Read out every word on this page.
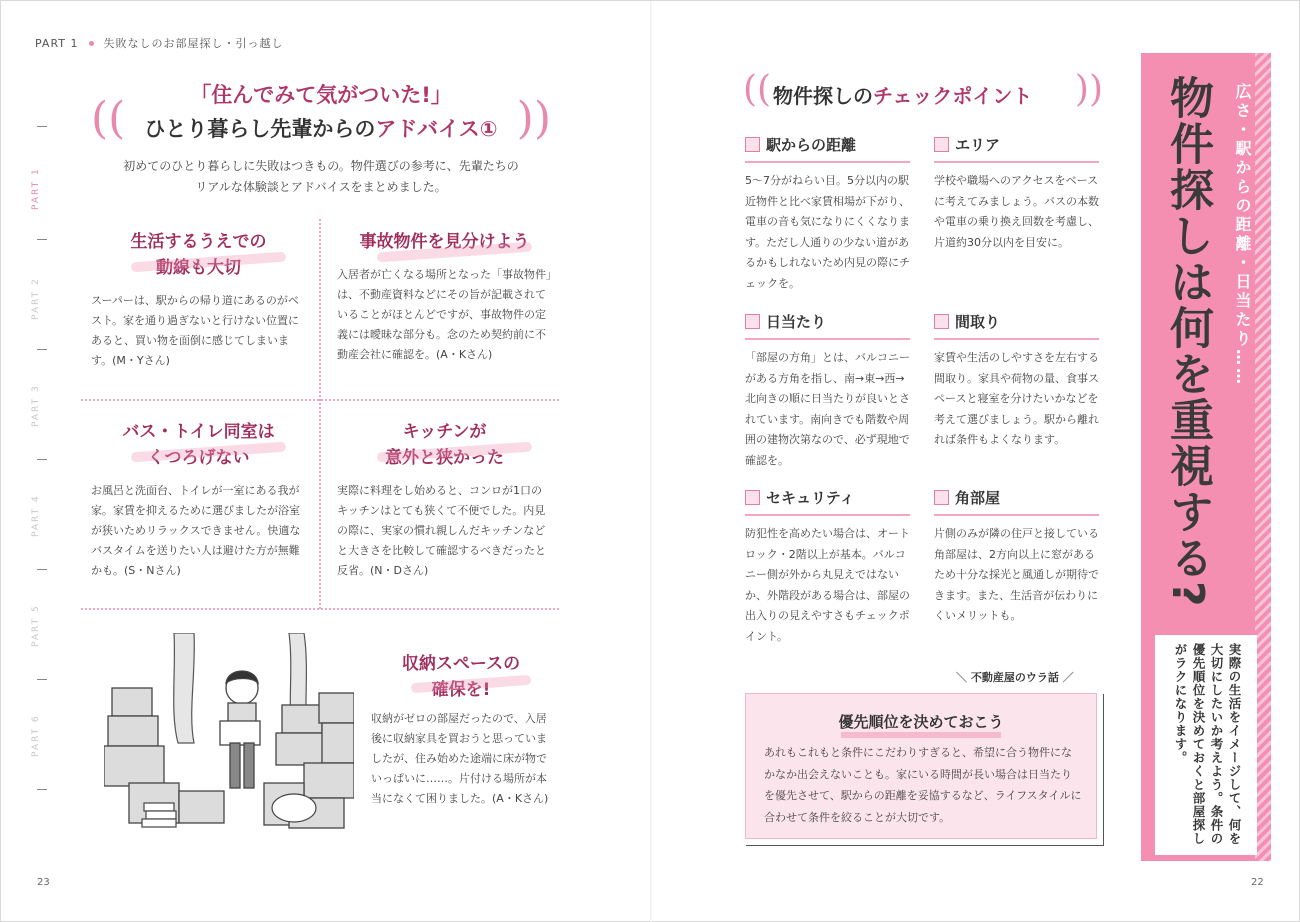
PART 1 失敗なしのお部屋探し・引っ越し
PART 1
PART 2
PART 3
PART 4
PART 5
PART 6
((	))
「住んでみて気がついた!」
ひとり暮らし先輩からのアドバイス①
初めてのひとり暮らしに失敗はつきもの。物件選びの参考に、先輩たちのリアルな体験談とアドバイスをまとめました。
生活するうえでの
動線も大切
スーパーは、駅からの帰り道にあるのがベスト。家を通り過ぎないと行けない位置にあると、買い物を面倒に感じてしまいます。(M・Yさん)
事故物件を見分けよう
入居者が亡くなる場所となった「事故物件」は、不動産資料などにその旨が記載されていることがほとんどですが、事故物件の定義には曖昧な部分も。念のため契約前に不動産会社に確認を。(A・Kさん)
バス・トイレ同室は
くつろげない
お風呂と洗面台、トイレが一室にある我が家。家賃を抑えるために選びましたが浴室が狭いためリラックスできません。快適なバスタイムを送りたい人は避けた方が無難かも。(S・Nさん)
キッチンが
意外と狭かった
実際に料理をし始めると、コンロが1口のキッチンはとても狭くて不便でした。内見の際に、実家の慣れ親しんだキッチンなどと大きさを比較して確認するべきだったと反省。(N・Dさん)
収納スペースの
確保を!
収納がゼロの部屋だったので、入居後に収納家具を買おうと思っていましたが、住み始めた途端に床が物でいっぱいに……。片付ける場所が本当になくて困りました。(A・Kさん)
((	))
物件探しのチェックポイント
駅からの距離
5～7分がねらい目。5分以内の駅近物件と比べ家賃相場が下がり、電車の音も気になりにくくなります。ただし人通りの少ない道があるかもしれないため内見の際にチェックを。
エリア
学校や職場へのアクセスをベースに考えてみましょう。バスの本数や電車の乗り換え回数を考慮し、片道約30分以内を目安に。
日当たり
「部屋の方角」とは、バルコニーがある方角を指し、南→東→西→北向きの順に日当たりが良いとされています。南向きでも階数や周囲の建物次第なので、必ず現地で確認を。
間取り
家賃や生活のしやすさを左右する間取り。家具や荷物の量、食事スペースと寝室を分けたいかなどを考えて選びましょう。駅から離れれば条件もよくなります。
セキュリティ
防犯性を高めたい場合は、オートロック・2階以上が基本。バルコニー側が外から丸見えではないか、外階段がある場合は、部屋の出入りの見えやすさもチェックポイント。
角部屋
片側のみが隣の住戸と接している角部屋は、2方向以上に窓があるため十分な採光と風通しが期待できます。また、生活音が伝わりにくいメリットも。
＼ 不動産屋のウラ話 ／
優先順位を決めておこう
あれもこれもと条件にこだわりすぎると、希望に合う物件になかなか出会えないことも。家にいる時間が長い場合は日当たりを優先させて、駅からの距離を妥協するなど、ライフスタイルに合わせて条件を絞ることが大切です。
広さ・駅からの距離・日当たり……
物件探しは何を重視する?
実際の生活をイメージして、何を大切にしたいか考えよう。条件の優先順位を決めておくと部屋探しがラクになります。
23	22
